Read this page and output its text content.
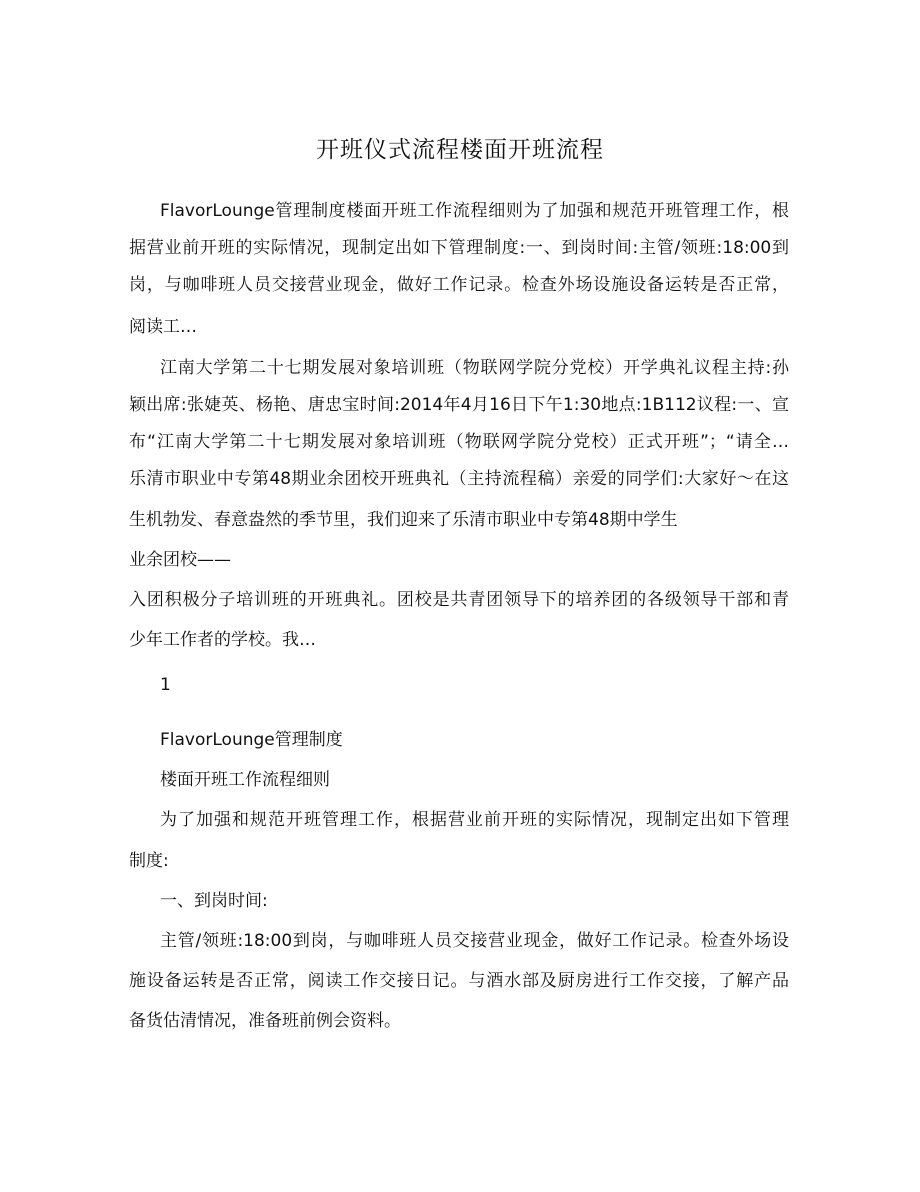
开班仪式流程楼面开班流程

FlavorLounge管理制度楼面开班工作流程细则为了加强和规范开班管理工作，根

据营业前开班的实际情况，现制定出如下管理制度:一、到岗时间:主管/领班:18:00到

岗，与咖啡班人员交接营业现金，做好工作记录。检查外场设施设备运转是否正常，

阅读工…

江南大学第二十七期发展对象培训班（物联网学院分党校）开学典礼议程主持:孙

颖出席:张婕英、杨艳、唐忠宝时间:2014年4月16日下午1:30地点:1B112议程:一、宣

布“江南大学第二十七期发展对象培训班（物联网学院分党校）正式开班”；“请全…

乐清市职业中专第48期业余团校开班典礼（主持流程稿）亲爱的同学们:大家好～在这

生机勃发、春意盎然的季节里，我们迎来了乐清市职业中专第48期中学生

业余团校——

入团积极分子培训班的开班典礼。团校是共青团领导下的培养团的各级领导干部和青

少年工作者的学校。我…

1

FlavorLounge管理制度

楼面开班工作流程细则

为了加强和规范开班管理工作，根据营业前开班的实际情况，现制定出如下管理

制度:

一、到岗时间:

主管/领班:18:00到岗，与咖啡班人员交接营业现金，做好工作记录。检查外场设

施设备运转是否正常，阅读工作交接日记。与酒水部及厨房进行工作交接，了解产品

备货估清情况，准备班前例会资料。
